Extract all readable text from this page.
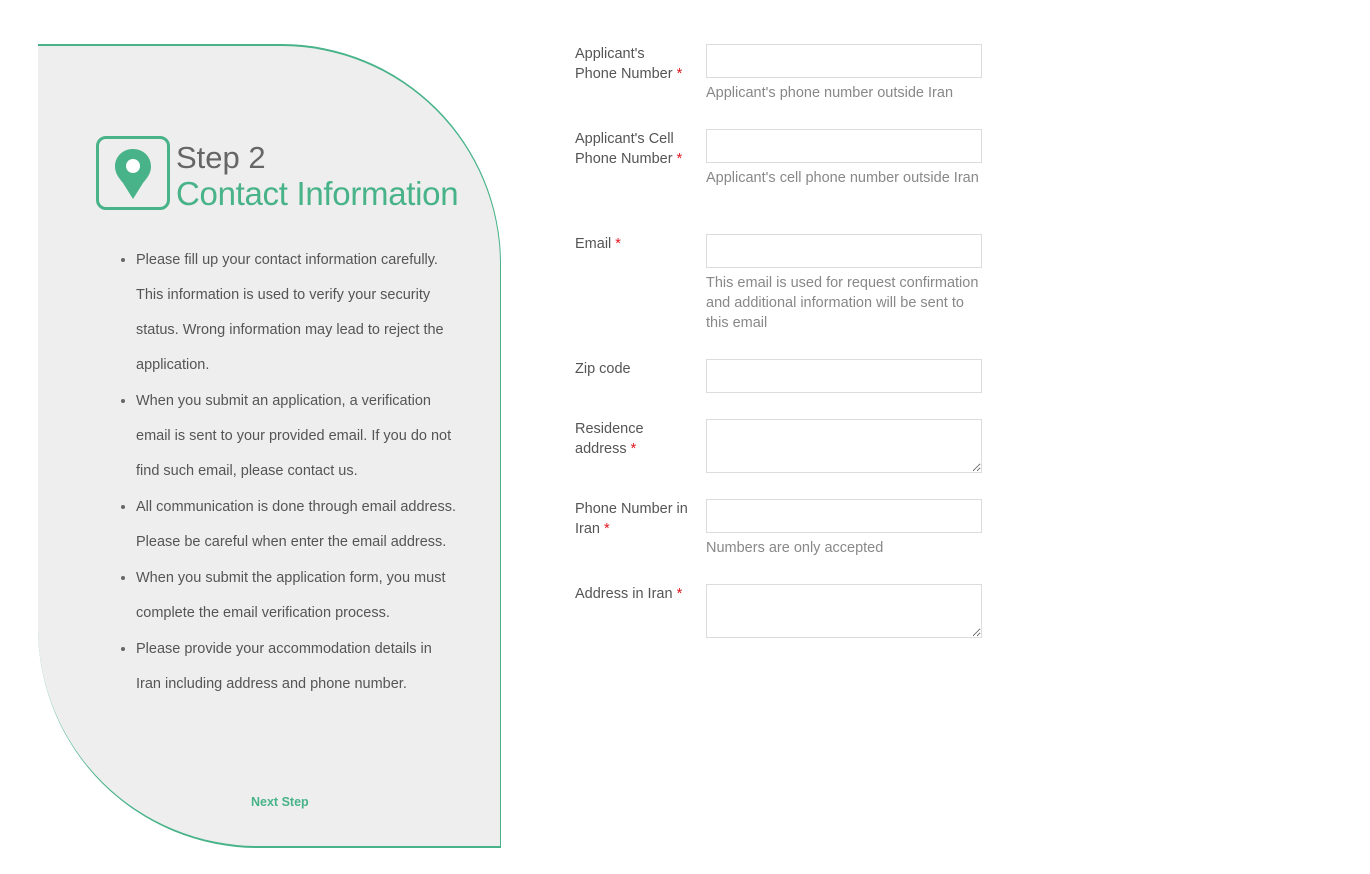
Step 2
Contact Information
• Please fill up your contact information carefully. This information is used to verify your security status. Wrong information may lead to reject the application.
• When you submit an application, a verification email is sent to your provided email. If you do not find such email, please contact us.
• All communication is done through email address. Please be careful when enter the email address.
• When you submit the application form, you must complete the email verification process.
• Please provide your accommodation details in Iran including address and phone number.
Next Step
Applicant's
Phone Number *
Applicant's phone number outside Iran
Applicant's Cell
Phone Number *
Applicant's cell phone number outside Iran
Email *
This email is used for request confirmation and additional information will be sent to this email
Zip code
Residence
address *
Phone Number in
Iran *
Numbers are only accepted
Address in Iran *
